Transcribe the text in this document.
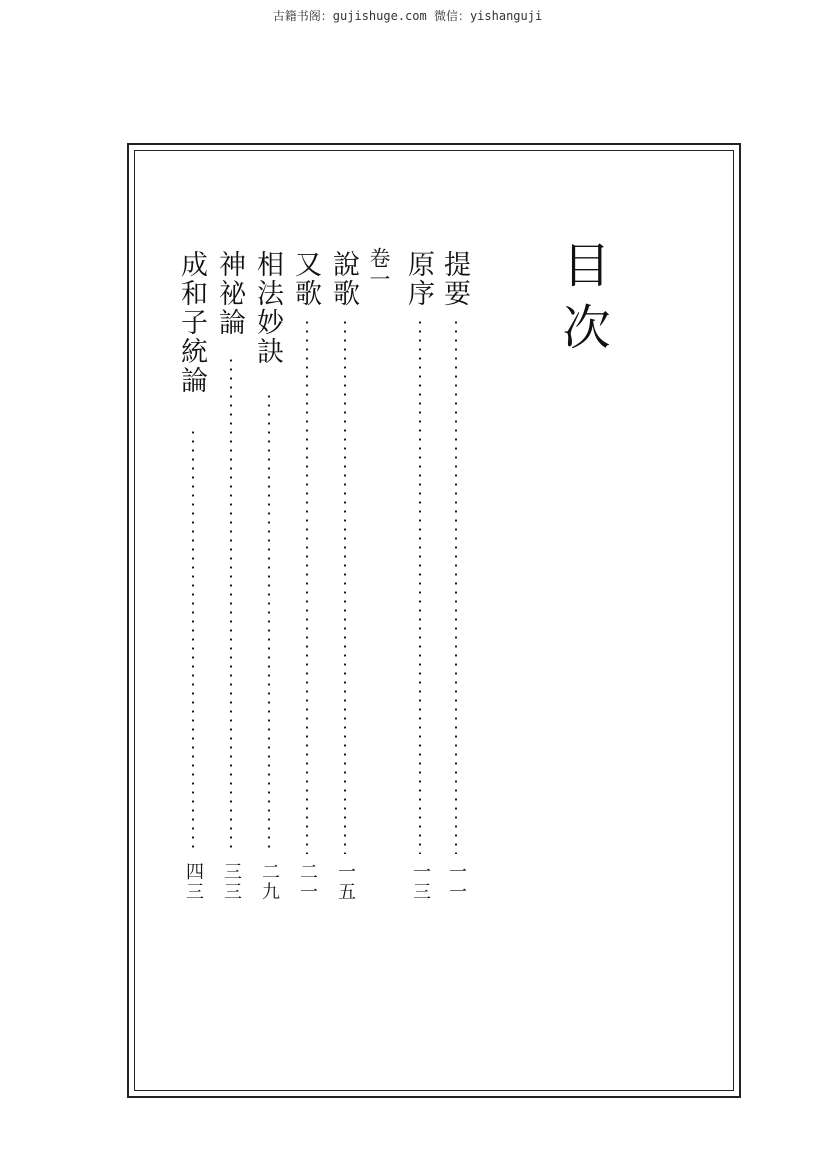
古籍书阁：gujishuge.com 微信：yishanguji
目次
提要
一一
原序
一三
卷一
說歌
一五
又歌
二一
相法妙訣
二九
神祕論
三三
成和子統論
四三
